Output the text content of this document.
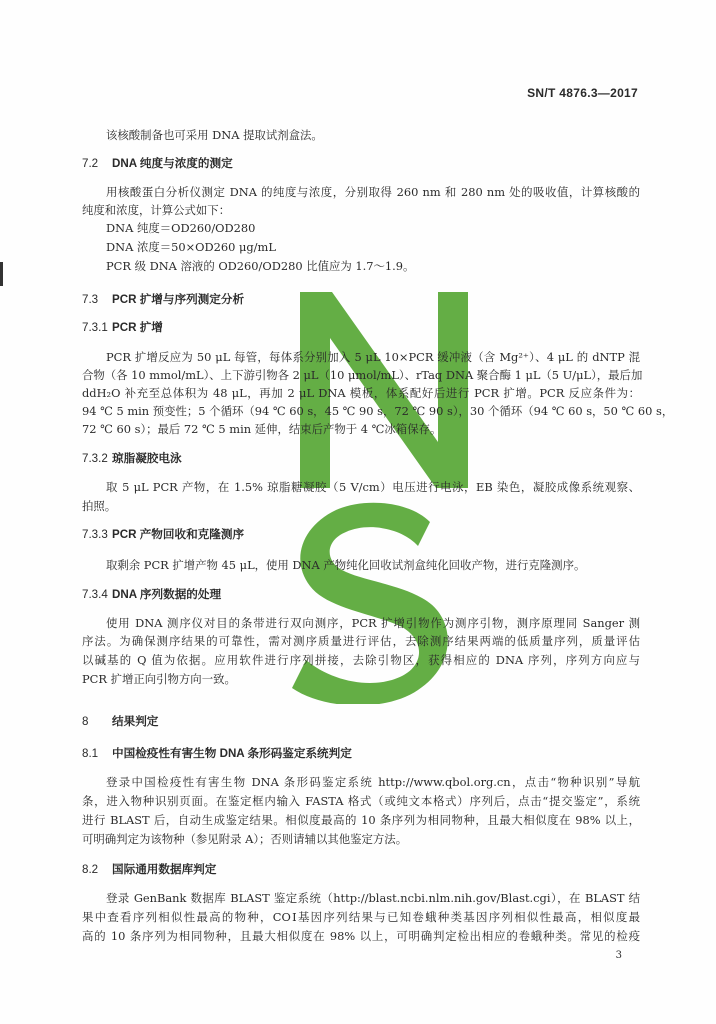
SN/T 4876.3—2017
该核酸制备也可采用 DNA 提取试剂盒法。
7.2 DNA 纯度与浓度的测定
用核酸蛋白分析仪测定 DNA 的纯度与浓度，分别取得 260 nm 和 280 nm 处的吸收值，计算核酸的
纯度和浓度，计算公式如下：
DNA 纯度＝OD260/OD280
DNA 浓度＝50×OD260 μg/mL
PCR 级 DNA 溶液的 OD260/OD280 比值应为 1.7～1.9。
7.3 PCR 扩增与序列测定分析
7.3.1 PCR 扩增
PCR 扩增反应为 50 μL 每管，每体系分别加入 5 μL 10×PCR 缓冲液（含 Mg²⁺）、4 μL 的 dNTP 混
合物（各 10 mmol/mL）、上下游引物各 2 μL（10 μmol/mL）、rTaq DNA 聚合酶 1 μL（5 U/μL），最后加
ddH₂O 补充至总体积为 48 μL，再加 2 μL DNA 模板，体系配好后进行 PCR 扩增。PCR 反应条件为：
94 ℃ 5 min 预变性；5 个循环（94 ℃ 60 s，45 ℃ 90 s，72 ℃ 90 s），30 个循环（94 ℃ 60 s，50 ℃ 60 s，
72 ℃ 60 s）；最后 72 ℃ 5 min 延伸，结束后产物于 4 ℃冰箱保存。
7.3.2 琼脂凝胶电泳
取 5 μL PCR 产物，在 1.5% 琼脂糖凝胶（5 V/cm）电压进行电泳，EB 染色，凝胶成像系统观察、
拍照。
7.3.3 PCR 产物回收和克隆测序
取剩余 PCR 扩增产物 45 μL，使用 DNA 产物纯化回收试剂盒纯化回收产物，进行克隆测序。
7.3.4 DNA 序列数据的处理
使用 DNA 测序仪对目的条带进行双向测序，PCR 扩增引物作为测序引物，测序原理同 Sanger 测
序法。为确保测序结果的可靠性，需对测序质量进行评估，去除测序结果两端的低质量序列，质量评估
以碱基的 Q 值为依据。应用软件进行序列拼接，去除引物区，获得相应的 DNA 序列，序列方向应与
PCR 扩增正向引物方向一致。
8 结果判定
8.1 中国检疫性有害生物 DNA 条形码鉴定系统判定
登录中国检疫性有害生物 DNA 条形码鉴定系统 http://www.qbol.org.cn，点击“物种识别”导航
条，进入物种识别页面。在鉴定框内输入 FASTA 格式（或纯文本格式）序列后，点击“提交鉴定”，系统
进行 BLAST 后，自动生成鉴定结果。相似度最高的 10 条序列为相同物种，且最大相似度在 98% 以上，
可明确判定为该物种（参见附录 A）；否则请辅以其他鉴定方法。
8.2 国际通用数据库判定
登录 GenBank 数据库 BLAST 鉴定系统（http://blast.ncbi.nlm.nih.gov/Blast.cgi），在 BLAST 结
果中查看序列相似性最高的物种，COⅠ基因序列结果与已知卷蛾种类基因序列相似性最高，相似度最
高的 10 条序列为相同物种，且最大相似度在 98% 以上，可明确判定检出相应的卷蛾种类。常见的检疫
3
